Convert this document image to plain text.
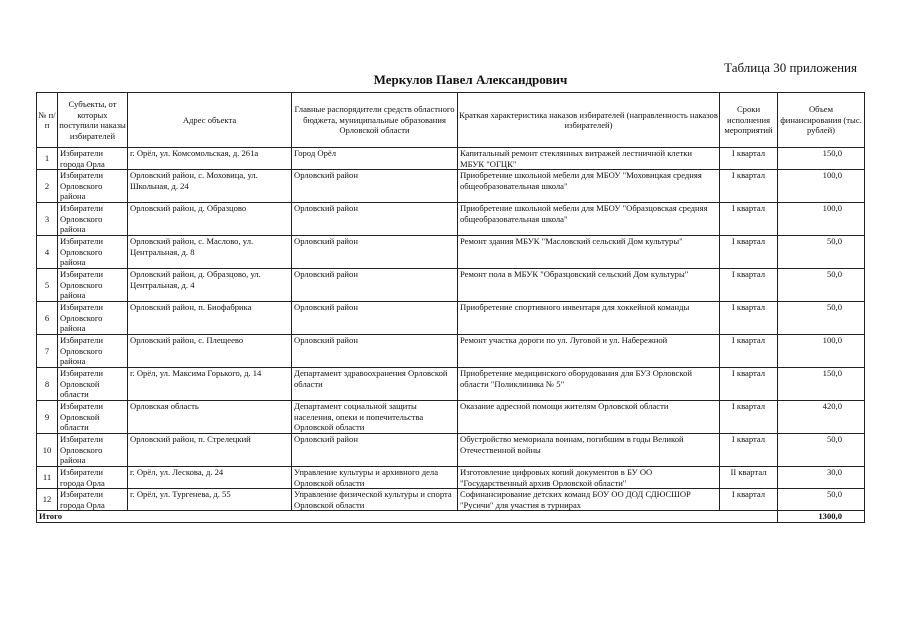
Таблица 30 приложения
Меркулов Павел Александрович
№ п/п	Субъекты, от которых поступили наказы избирателей	Адрес объекта	Главные распорядители средств областного бюджета, муниципальные образования Орловской области	Краткая характеристика наказов избирателей (направленность наказов избирателей)	Сроки исполнения мероприятий	Объем финансирования (тыс. рублей)
1	Избиратели города Орла	г. Орёл, ул. Комсомольская, д. 261а	Город Орёл	Капитальный ремонт стеклянных витражей лестничной клетки МБУК "ОГЦК"	I квартал	150,0
2	Избиратели Орловского района	Орловский район, с. Моховица, ул. Школьная, д. 24	Орловский район	Приобретение школьной мебели для МБОУ "Моховицкая средняя общеобразовательная школа"	I квартал	100,0
3	Избиратели Орловского района	Орловский район, д. Образцово	Орловский район	Приобретение школьной мебели для МБОУ "Образцовская средняя общеобразовательная школа"	I квартал	100,0
4	Избиратели Орловского района	Орловский район, с. Маслово, ул. Центральная, д. 8	Орловский район	Ремонт здания МБУК "Масловский сельский Дом культуры"	I квартал	50,0
5	Избиратели Орловского района	Орловский район, д. Образцово, ул. Центральная, д. 4	Орловский район	Ремонт пола в МБУК "Образцовский сельский Дом культуры"	I квартал	50,0
6	Избиратели Орловского района	Орловский район, п. Биофабрика	Орловский район	Приобретение спортивного инвентаря для хоккейной команды	I квартал	50,0
7	Избиратели Орловского района	Орловский район, с. Плещеево	Орловский район	Ремонт участка дороги по ул. Луговой и ул. Набережной	I квартал	100,0
8	Избиратели Орловской области	г. Орёл, ул. Максима Горького, д. 14	Департамент здравоохранения Орловской области	Приобретение медицинского оборудования для БУЗ Орловской области "Поликлиника № 5"	I квартал	150,0
9	Избиратели Орловской области	Орловская область	Департамент социальной защиты населения, опеки и попечительства Орловской области	Оказание адресной помощи жителям Орловской области	I квартал	420,0
10	Избиратели Орловского района	Орловский район, п. Стрелецкий	Орловский район	Обустройство мемориала воинам, погибшим в годы Великой Отечественной войны	I квартал	50,0
11	Избиратели города Орла	г. Орёл, ул. Лескова, д. 24	Управление культуры и архивного дела Орловской области	Изготовление цифровых копий документов в БУ ОО "Государственный архив Орловской области"	II квартал	30,0
12	Избиратели города Орла	г. Орёл, ул. Тургенева, д. 55	Управление физической культуры и спорта Орловской области	Софинансирование детских команд БОУ ОО ДОД СДЮСШОР "Русичи" для участия в турнирах	I квартал	50,0
Итого						1300,0
